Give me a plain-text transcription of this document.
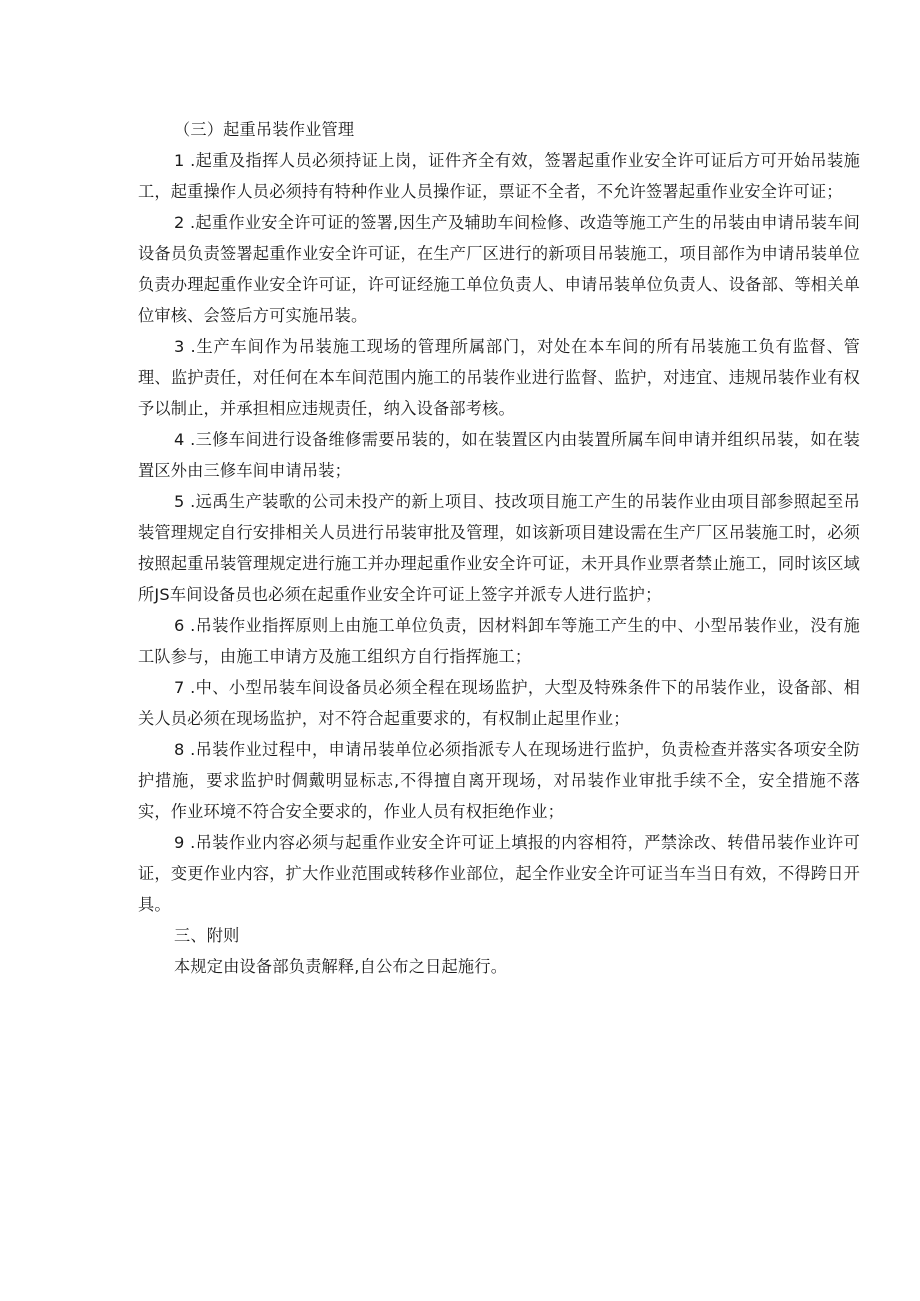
（三）起重吊装作业管理

1 .起重及指挥人员必须持证上岗，证件齐全有效，签署起重作业安全许可证后方可开始吊装施工，起重操作人员必须持有特种作业人员操作证，票证不全者，不允许签署起重作业安全许可证；

2 .起重作业安全许可证的签署,因生产及辅助车间检修、改造等施工产生的吊装由申请吊装车间设备员负责签署起重作业安全许可证，在生产厂区进行的新项目吊装施工，项目部作为申请吊装单位负责办理起重作业安全许可证，许可证经施工单位负责人、申请吊装单位负责人、设备部、等相关单位审核、会签后方可实施吊装。

3 .生产车间作为吊装施工现场的管理所属部门，对处在本车间的所有吊装施工负有监督、管理、监护责任，对任何在本车间范围内施工的吊装作业进行监督、监护，对违宜、违规吊装作业有权予以制止，并承担相应违规责任，纳入设备部考核。

4 .三修车间进行设备维修需要吊装的，如在装置区内由装置所属车间申请并组织吊装，如在装置区外由三修车间申请吊装；

5 .远禹生产装歌的公司未投产的新上项目、技改项目施工产生的吊装作业由项目部参照起至吊装管理规定自行安排相关人员进行吊装审批及管理，如该新项目建设需在生产厂区吊装施工时，必须按照起重吊装管理规定进行施工并办理起重作业安全许可证，未开具作业票者禁止施工，同时该区域所JS车间设备员也必须在起重作业安全许可证上签字并派专人进行监护；

6 .吊装作业指挥原则上由施工单位负责，因材料卸车等施工产生的中、小型吊装作业，没有施工队参与，由施工申请方及施工组织方自行指挥施工；

7 .中、小型吊装车间设备员必须全程在现场监护，大型及特殊条件下的吊装作业，设备部、相关人员必须在现场监护，对不符合起重要求的，有权制止起里作业；

8 .吊装作业过程中，申请吊装单位必须指派专人在现场进行监护，负责检查并落实各项安全防护措施，要求监护时倜戴明显标志,不得擅自离开现场，对吊装作业审批手续不全，安全措施不落实，作业环境不符合安全要求的，作业人员有权拒绝作业；

9 .吊装作业内容必须与起重作业安全许可证上填报的内容相符，严禁涂改、转借吊装作业许可证，变更作业内容，扩大作业范围或转移作业部位，起全作业安全许可证当车当日有效，不得跨日开具。

三、附则

本规定由设备部负责解释,自公布之日起施行。
